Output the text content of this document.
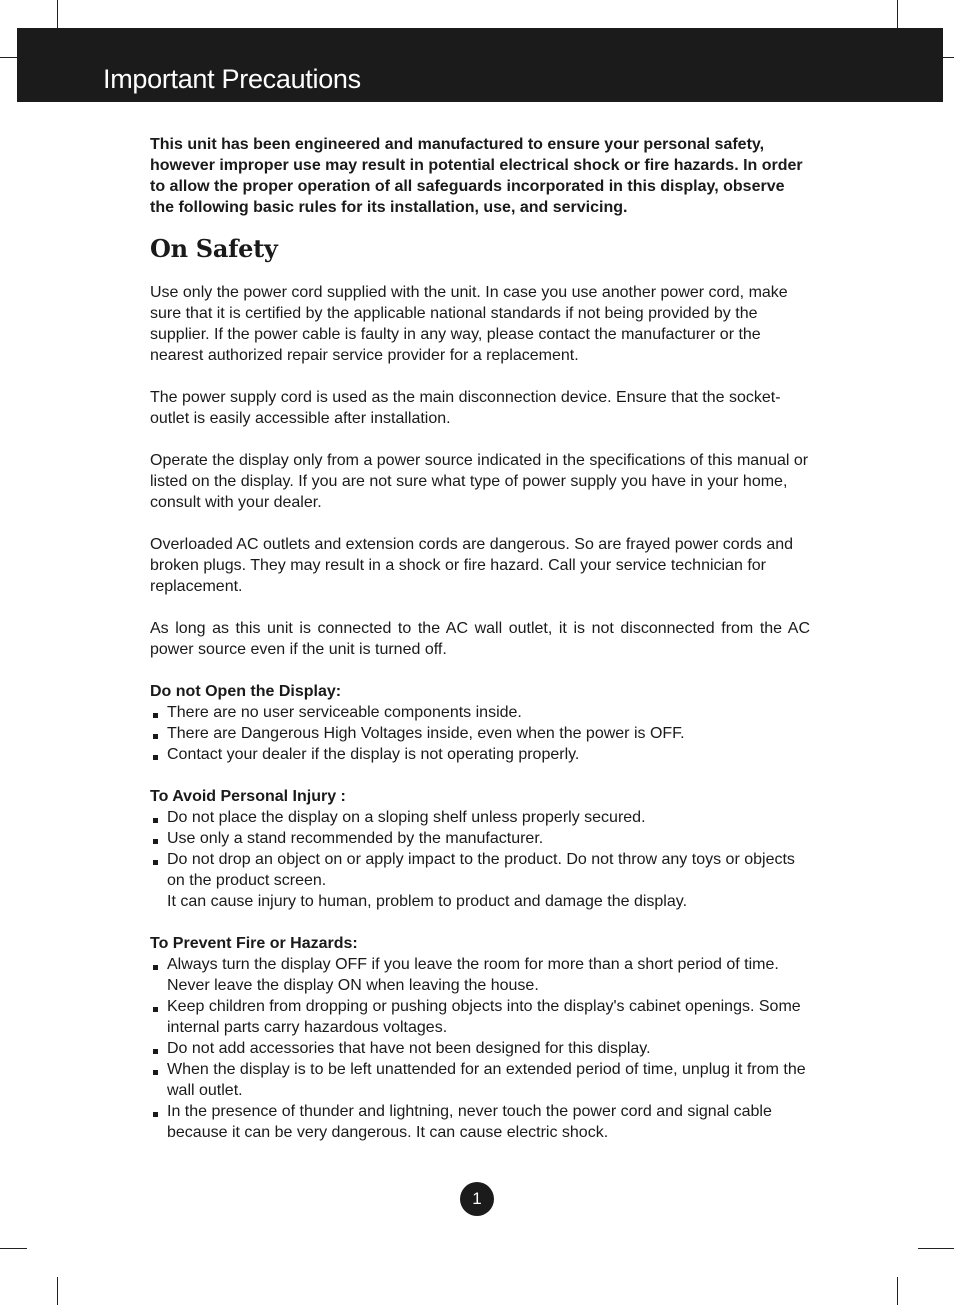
Important Precautions

This unit has been engineered and manufactured to ensure your personal safety, however improper use may result in potential electrical shock or fire hazards. In order to allow the proper operation of all safeguards incorporated in this display, observe the following basic rules for its installation, use, and servicing.

On Safety

Use only the power cord supplied with the unit. In case you use another power cord, make sure that it is certified by the applicable national standards if not being provided by the supplier. If the power cable is faulty in any way, please contact the manufacturer or the nearest authorized repair service provider for a replacement.

The power supply cord is used as the main disconnection device. Ensure that the socket-outlet is easily accessible after installation.

Operate the display only from a power source indicated in the specifications of this manual or listed on the display. If you are not sure what type of power supply you have in your home, consult with your dealer.

Overloaded AC outlets and extension cords are dangerous. So are frayed power cords and broken plugs. They may result in a shock or fire hazard. Call your service technician for replacement.

As long as this unit is connected to the AC wall outlet, it is not disconnected from the AC power source even if the unit is turned off.

Do not Open the Display:

There are no user serviceable components inside.
There are Dangerous High Voltages inside, even when the power is OFF.
Contact your dealer if the display is not operating properly.

To Avoid Personal Injury :

Do not place the display on a sloping shelf unless properly secured.
Use only a stand recommended by the manufacturer.
Do not drop an object on or apply impact to the product. Do not throw any toys or objects on the product screen.
It can cause injury to human, problem to product and damage the display.

To Prevent Fire or Hazards:

Always turn the display OFF if you leave the room for more than a short period of time. Never leave the display ON when leaving the house.
Keep children from dropping or pushing objects into the display's cabinet openings. Some internal parts carry hazardous voltages.
Do not add accessories that have not been designed for this display.
When the display is to be left unattended for an extended period of time, unplug it from the wall outlet.
In the presence of thunder and lightning, never touch the power cord and signal cable because it can be very dangerous. It can cause electric shock.
1
